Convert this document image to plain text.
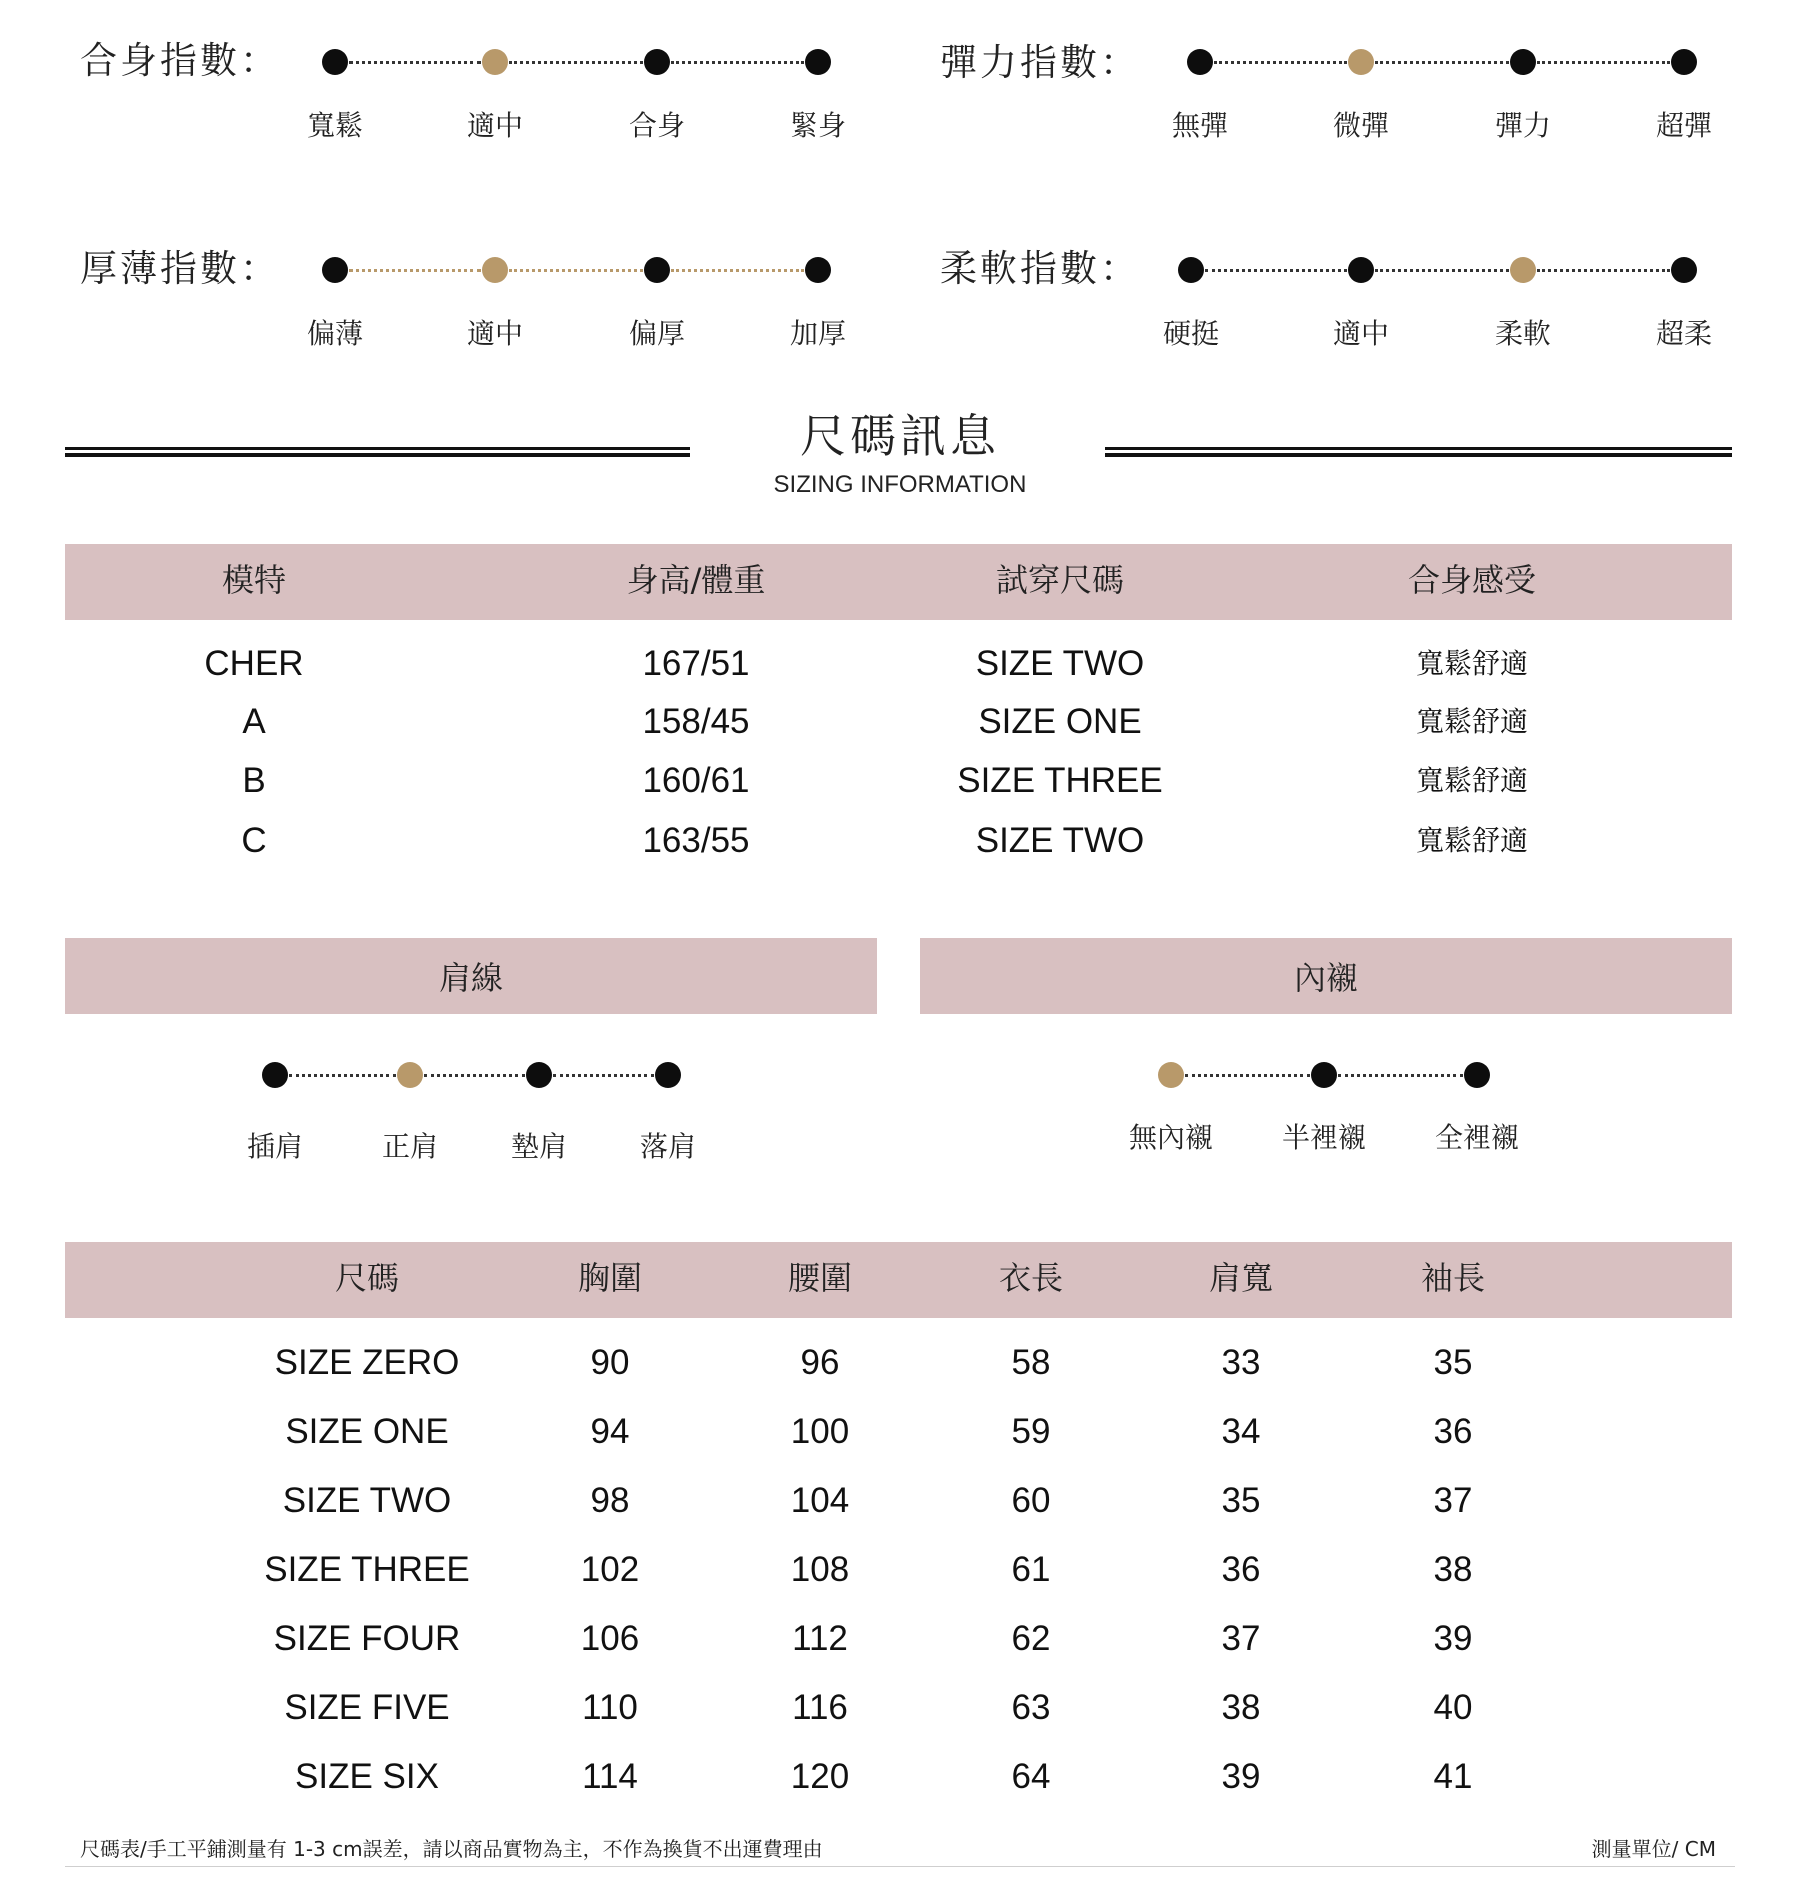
合身指數：
寬鬆	適中	合身	緊身
彈力指數：
無彈	微彈	彈力	超彈
厚薄指數：
偏薄	適中	偏厚	加厚
柔軟指數：
硬挺	適中	柔軟	超柔
尺碼訊息
SIZING INFORMATION
模特	身高/體重	試穿尺碼	合身感受
CHER	167/51	SIZE TWO	寬鬆舒適
A	158/45	SIZE ONE	寬鬆舒適
B	160/61	SIZE THREE	寬鬆舒適
C	163/55	SIZE TWO	寬鬆舒適
肩線	內襯
插肩	正肩	墊肩	落肩	無內襯 半裡襯 全裡襯
尺碼	胸圍	腰圍	衣長	肩寬	袖長
SIZE ZERO	90	96	58	33	35
SIZE ONE	94	100	59	34	36
SIZE TWO	98	104	60	35	37
SIZE THREE	102	108	61	36	38
SIZE FOUR	106	112	62	37	39
SIZE FIVE	110	116	63	38	40
SIZE SIX	114	120	64	39	41
尺碼表/手工平鋪測量有 1-3 cm誤差，請以商品實物為主，不作為換貨不出運費理由	測量單位/ CM
